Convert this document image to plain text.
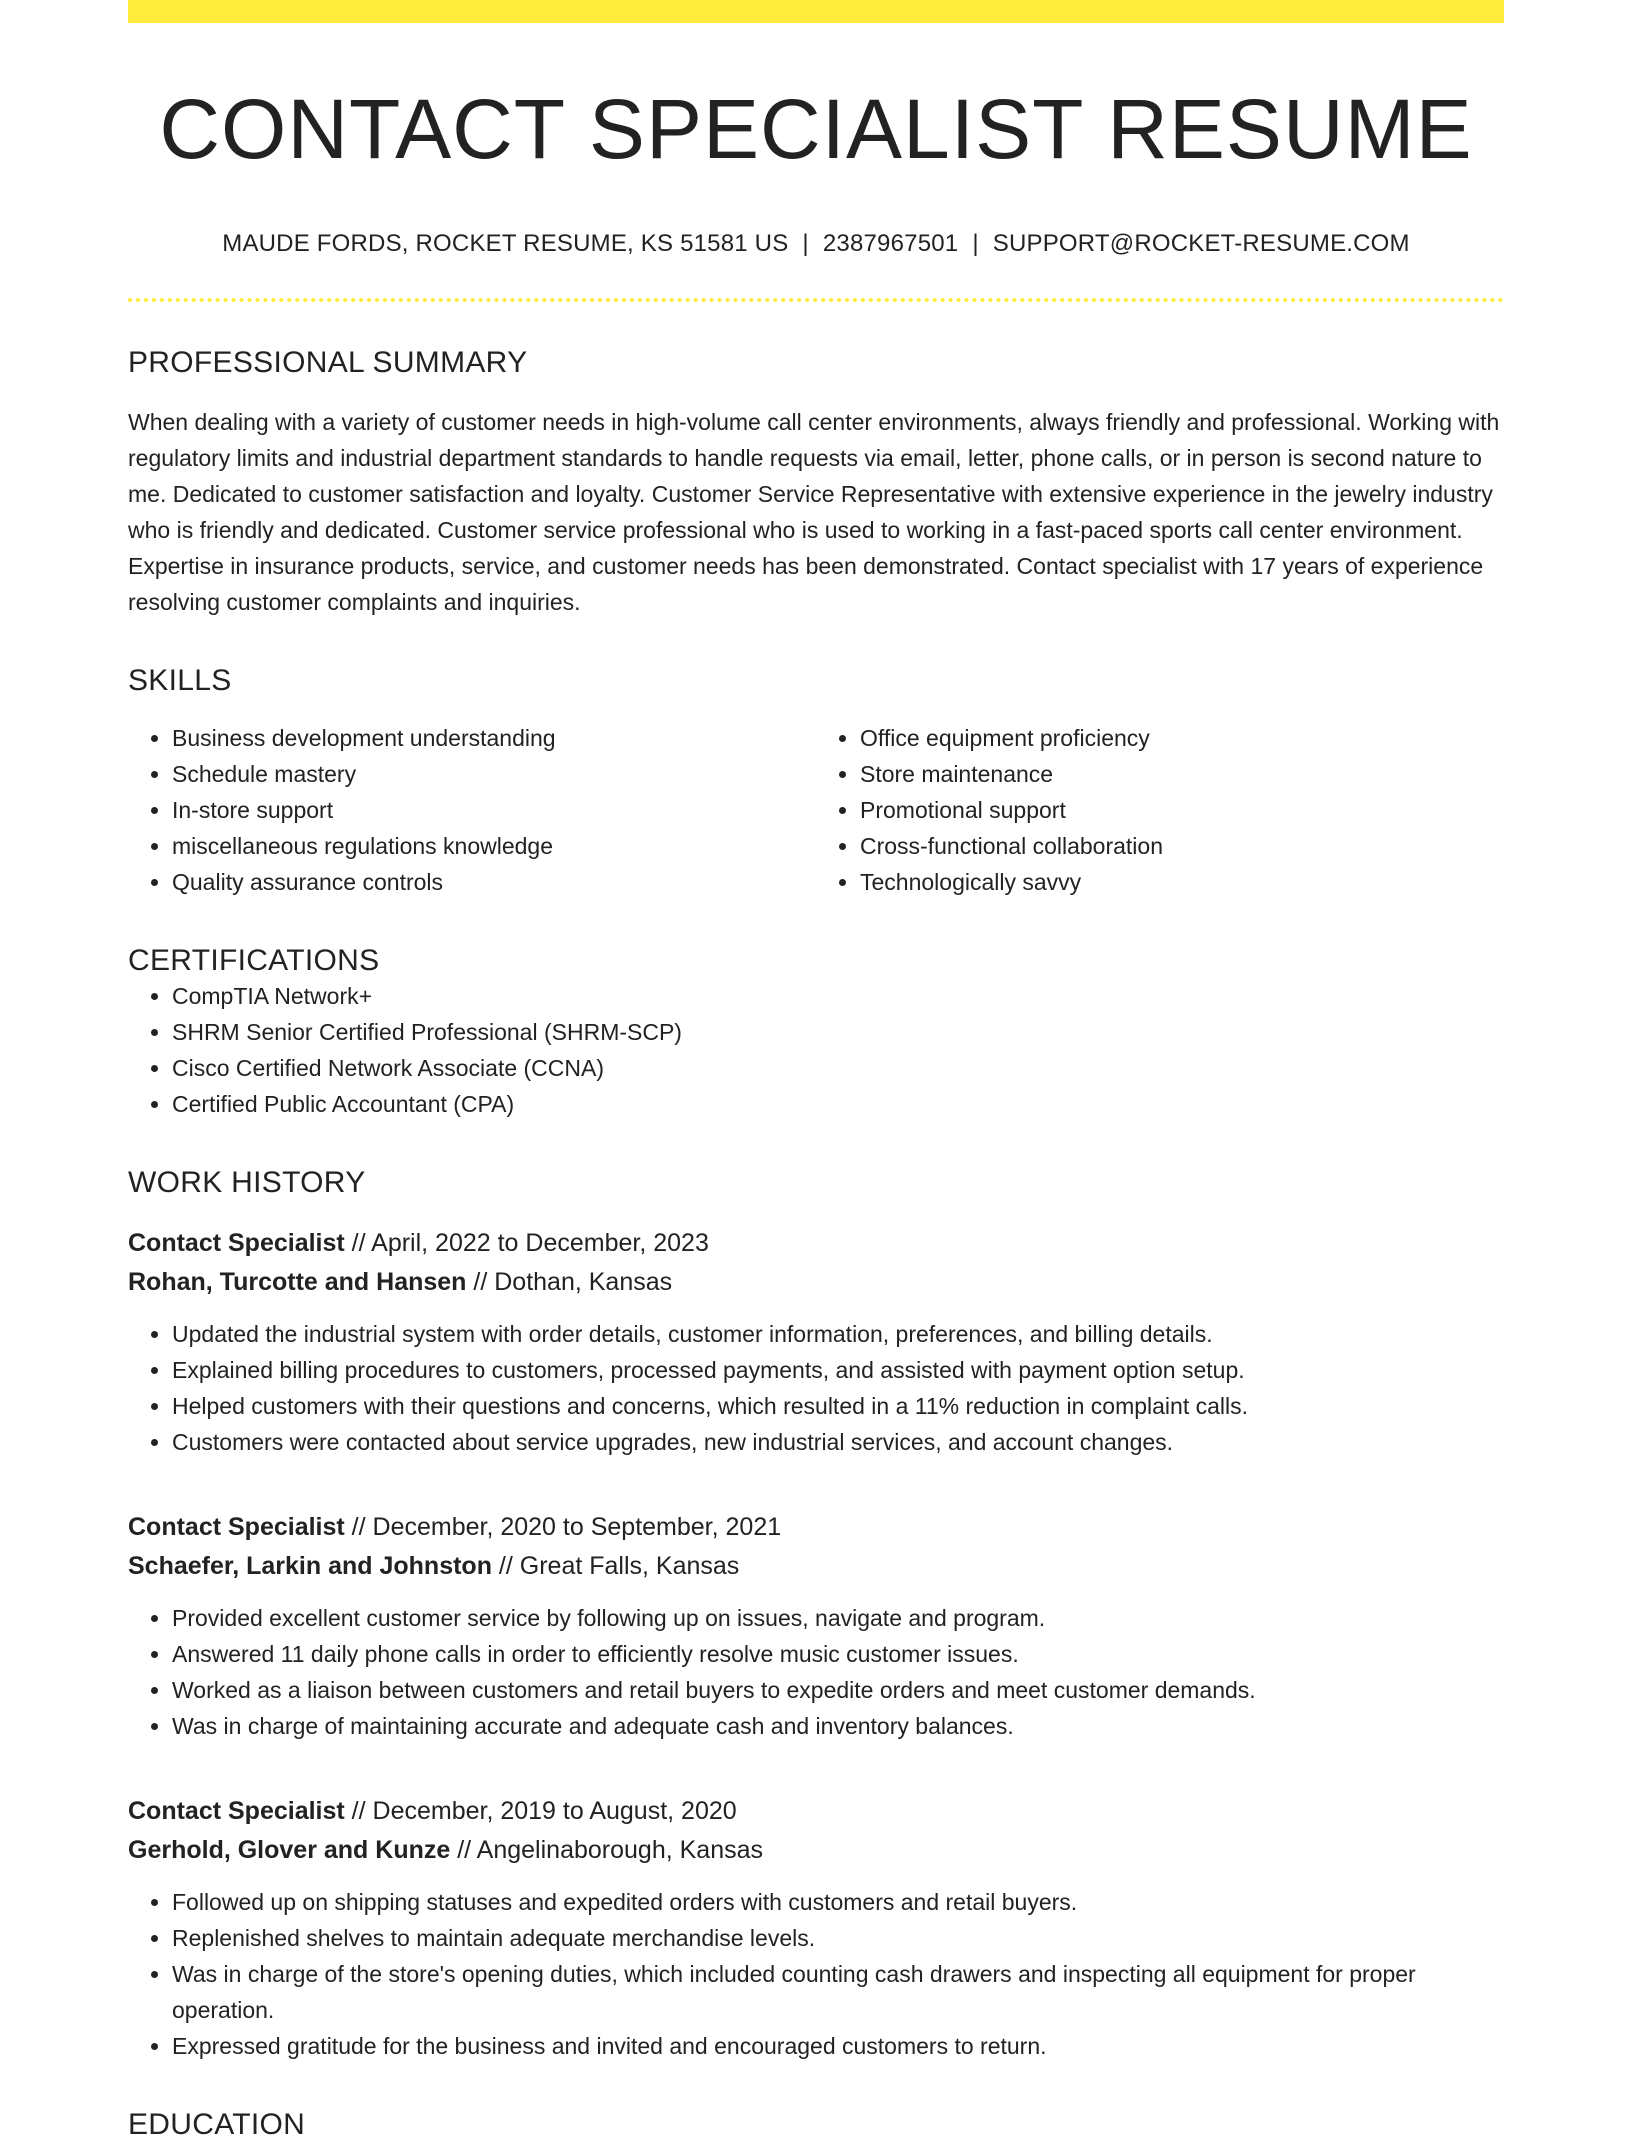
CONTACT SPECIALIST RESUME
MAUDE FORDS, ROCKET RESUME, KS 51581 US | 2387967501 | SUPPORT@ROCKET-RESUME.COM
PROFESSIONAL SUMMARY
When dealing with a variety of customer needs in high-volume call center environments, always friendly and professional. Working with regulatory limits and industrial department standards to handle requests via email, letter, phone calls, or in person is second nature to me. Dedicated to customer satisfaction and loyalty. Customer Service Representative with extensive experience in the jewelry industry who is friendly and dedicated. Customer service professional who is used to working in a fast-paced sports call center environment. Expertise in insurance products, service, and customer needs has been demonstrated. Contact specialist with 17 years of experience resolving customer complaints and inquiries.
SKILLS
• Business development understanding
• Schedule mastery
• In-store support
• miscellaneous regulations knowledge
• Quality assurance controls
• Office equipment proficiency
• Store maintenance
• Promotional support
• Cross-functional collaboration
• Technologically savvy
CERTIFICATIONS
• CompTIA Network+
• SHRM Senior Certified Professional (SHRM-SCP)
• Cisco Certified Network Associate (CCNA)
• Certified Public Accountant (CPA)
WORK HISTORY
Contact Specialist // April, 2022 to December, 2023
Rohan, Turcotte and Hansen // Dothan, Kansas
• Updated the industrial system with order details, customer information, preferences, and billing details.
• Explained billing procedures to customers, processed payments, and assisted with payment option setup.
• Helped customers with their questions and concerns, which resulted in a 11% reduction in complaint calls.
• Customers were contacted about service upgrades, new industrial services, and account changes.
Contact Specialist // December, 2020 to September, 2021
Schaefer, Larkin and Johnston // Great Falls, Kansas
• Provided excellent customer service by following up on issues, navigate and program.
• Answered 11 daily phone calls in order to efficiently resolve music customer issues.
• Worked as a liaison between customers and retail buyers to expedite orders and meet customer demands.
• Was in charge of maintaining accurate and adequate cash and inventory balances.
Contact Specialist // December, 2019 to August, 2020
Gerhold, Glover and Kunze // Angelinaborough, Kansas
• Followed up on shipping statuses and expedited orders with customers and retail buyers.
• Replenished shelves to maintain adequate merchandise levels.
• Was in charge of the store's opening duties, which included counting cash drawers and inspecting all equipment for proper operation.
• Expressed gratitude for the business and invited and encouraged customers to return.
EDUCATION
